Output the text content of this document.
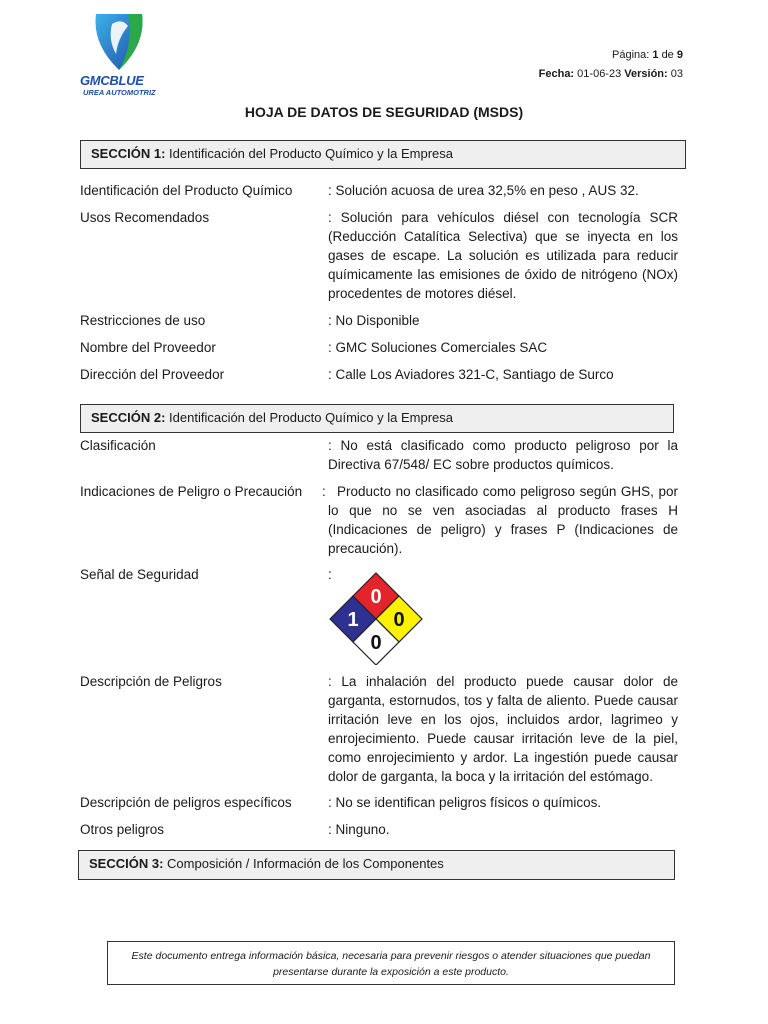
GMCBLUE
UREA AUTOMOTRIZ
Página: 1 de 9
Fecha: 01-06-23 Versión: 03
HOJA DE DATOS DE SEGURIDAD (MSDS)
SECCIÓN 1: Identificación del Producto Químico y la Empresa
Identificación del Producto Químico	: Solución acuosa de urea 32,5% en peso , AUS 32.
Usos Recomendados	: Solución para vehículos diésel con tecnología SCR (Reducción Catalítica Selectiva) que se inyecta en los gases de escape. La solución es utilizada para reducir químicamente las emisiones de óxido de nitrógeno (NOx) procedentes de motores diésel.
Restricciones de uso	: No Disponible
Nombre del Proveedor	: GMC Soluciones Comerciales SAC
Dirección del Proveedor	: Calle Los Aviadores 321-C, Santiago de Surco
SECCIÓN 2: Identificación del Producto Químico y la Empresa
Clasificación	: No está clasificado como producto peligroso por la Directiva 67/548/ EC sobre productos químicos.
Indicaciones de Peligro o Precaución : Producto no clasificado como peligroso según GHS, por lo que no se ven asociadas al producto frases H (Indicaciones de peligro) y frases P (Indicaciones de precaución).
Señal de Seguridad	:
0
1 0
0
Descripción de Peligros	: La inhalación del producto puede causar dolor de garganta, estornudos, tos y falta de aliento. Puede causar irritación leve en los ojos, incluidos ardor, lagrimeo y enrojecimiento. Puede causar irritación leve de la piel, como enrojecimiento y ardor. La ingestión puede causar dolor de garganta, la boca y la irritación del estómago.
Descripción de peligros específicos	: No se identifican peligros físicos o químicos.
Otros peligros	: Ninguno.
SECCIÓN 3: Composición / Información de los Componentes
Este documento entrega información básica, necesaria para prevenir riesgos o atender situaciones que puedan presentarse durante la exposición a este producto.
